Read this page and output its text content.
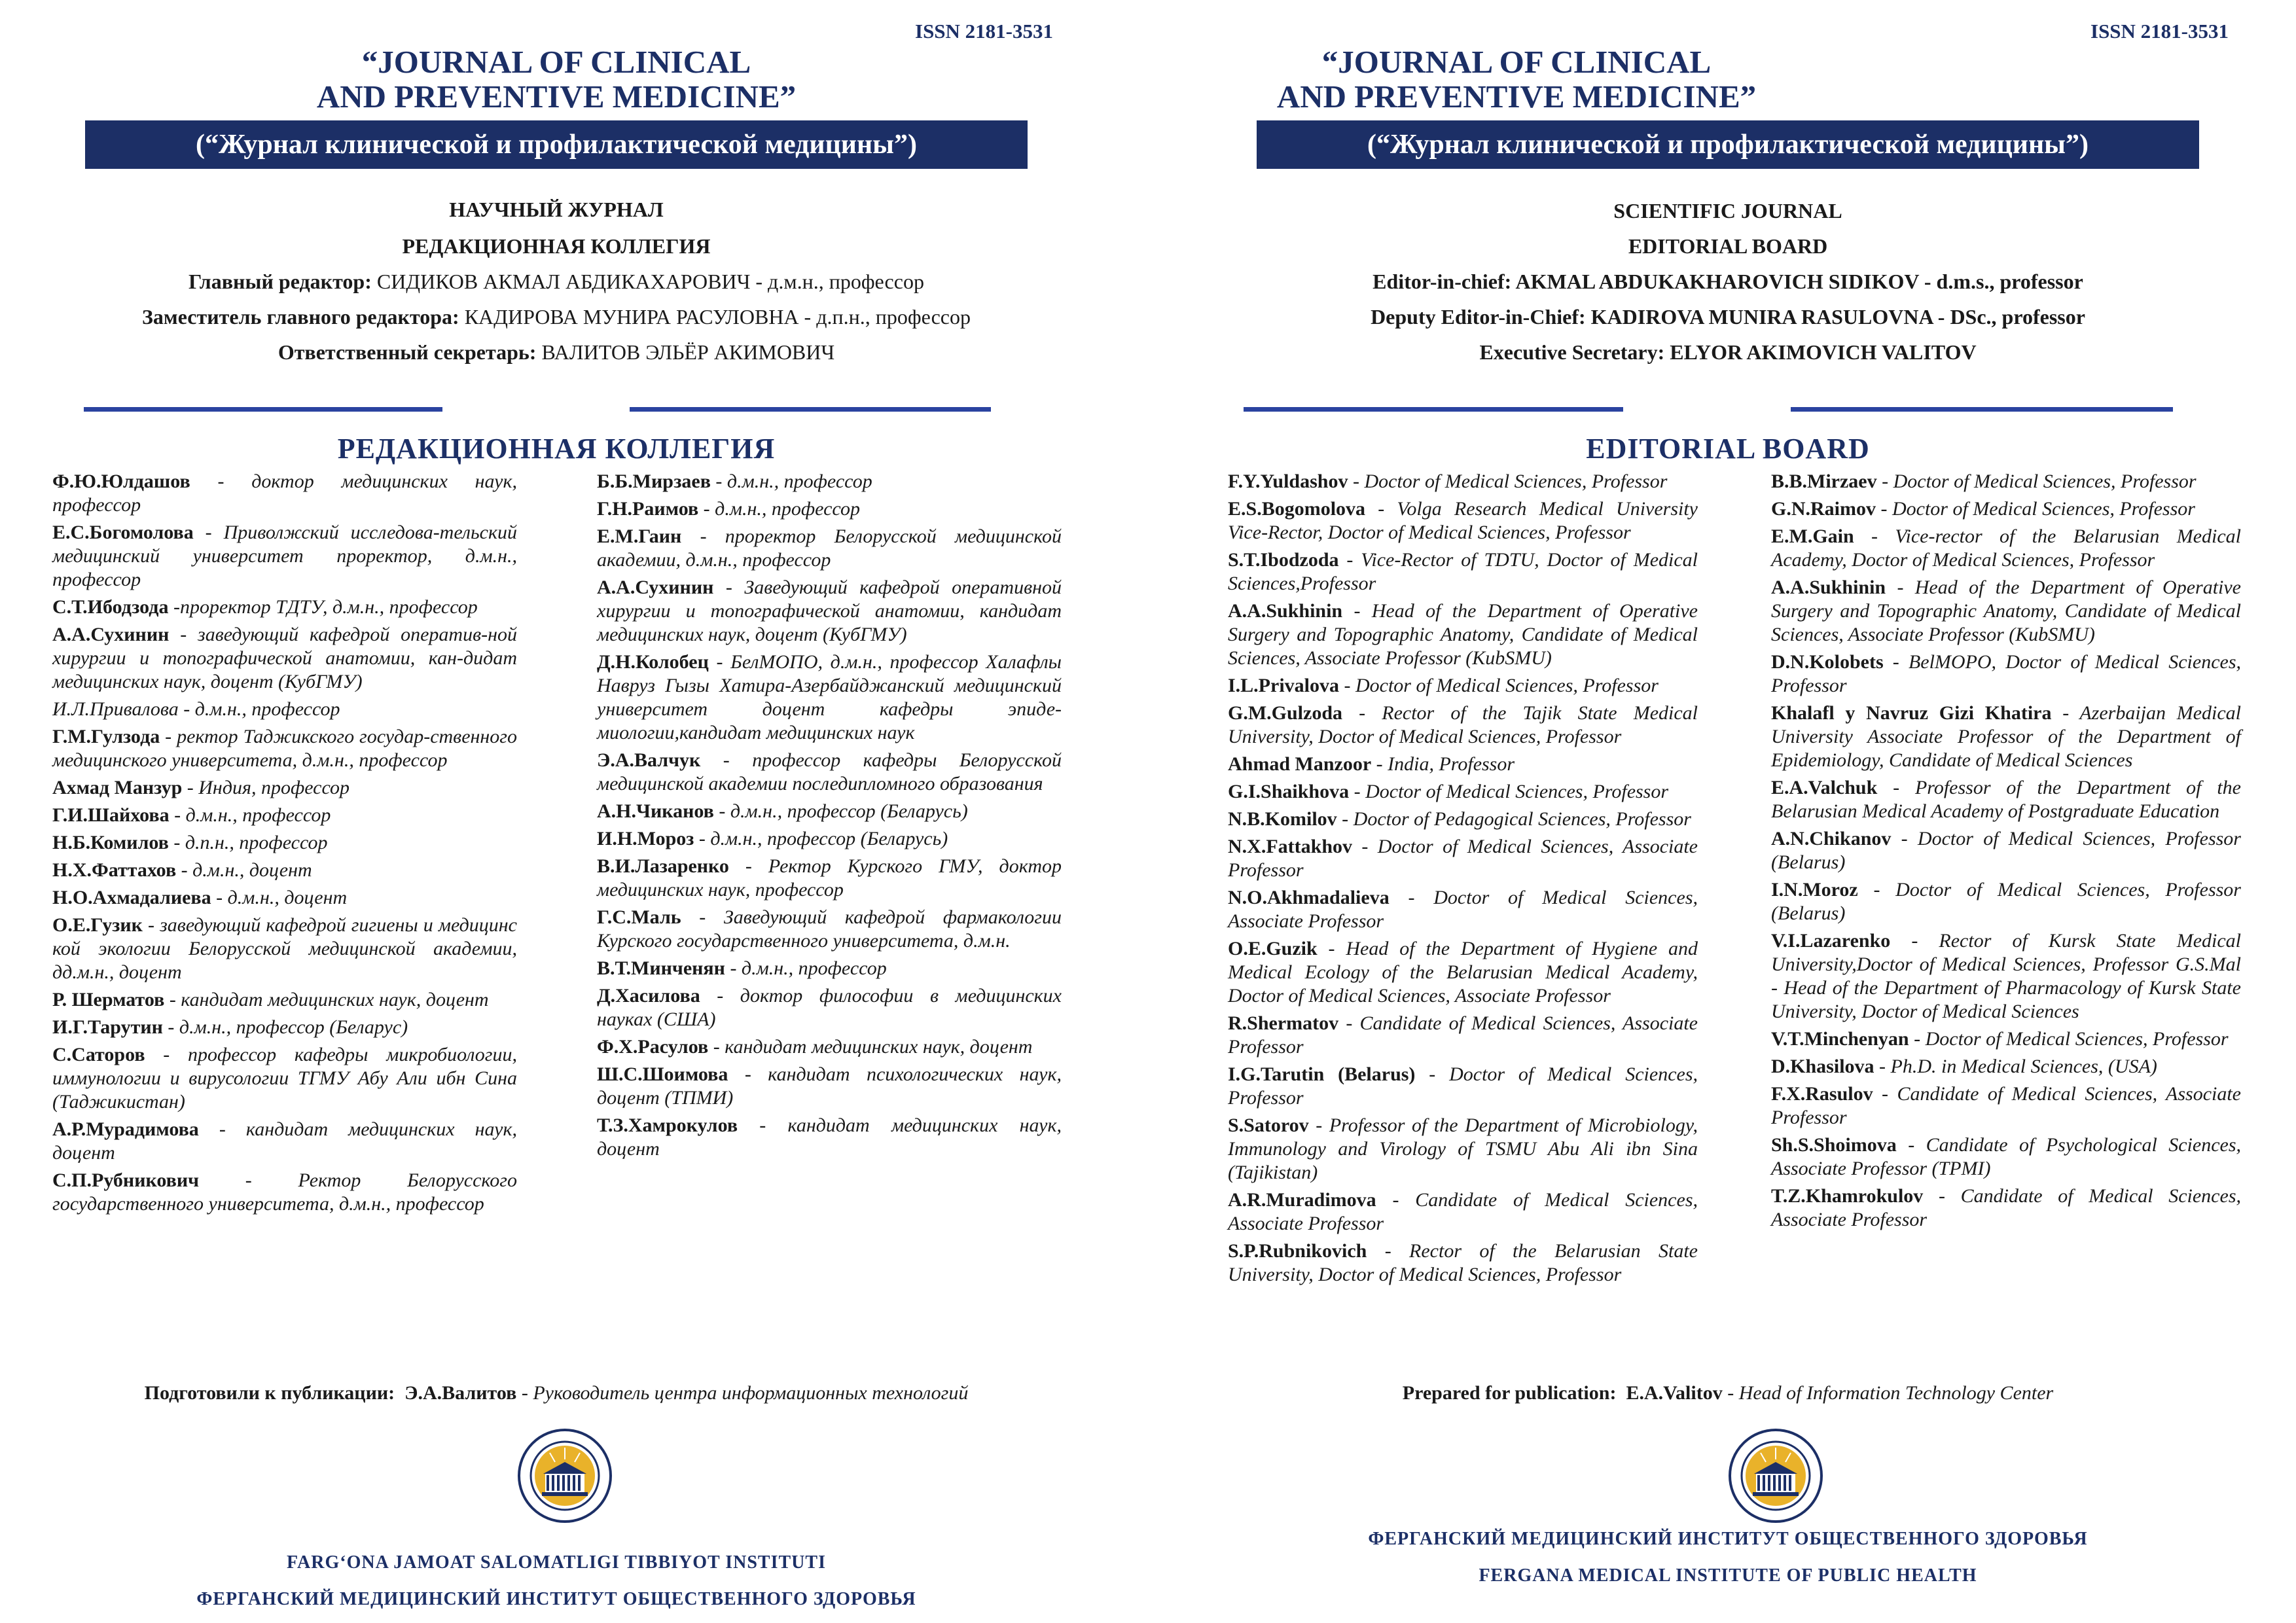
ISSN 2181-3531
“JOURNAL OF CLINICAL
AND PREVENTIVE MEDICINE”
(“Журнал клинической и профилактической медицины”)
НАУЧНЫЙ ЖУРНАЛ
РЕДАКЦИОННАЯ КОЛЛЕГИЯ
Главный редактор: СИДИКОВ АКМАЛ АБДИКАХАРОВИЧ - д.м.н., профессор
Заместитель главного редактора: КАДИРОВА МУНИРА РАСУЛОВНА - д.п.н., профессор
Ответственный секретарь: ВАЛИТОВ ЭЛЬЁР АКИМОВИЧ
РЕДАКЦИОННАЯ КОЛЛЕГИЯ

Ф.Ю.Юлдашов - доктор медицинских наук, профессор

Е.С.Богомолова - Приволжский исследова-тельский медицинский университет проректор, д.м.н., профессор

С.Т.Ибодзода -проректор ТДТУ, д.м.н., профессор

А.А.Сухинин - заведующий кафедрой оператив-ной хирургии и топографической анатомии, кан-дидат медицинских наук, доцент (КубГМУ)

И.Л.Привалова - д.м.н., профессор

Г.М.Гулзода - ректор Таджикского государ-ственного медицинского университета, д.м.н., профессор

Ахмад Манзур - Индия, профессор

Г.И.Шайхова - д.м.н., профессор

Н.Б.Комилов - д.п.н., профессор

Н.Х.Фаттахов - д.м.н., доцент

Н.О.Ахмадалиева - д.м.н., доцент

О.Е.Гузик - заведующий кафедрой гигиены и медицинс кой экологии Белорусской медицинской академии, дд.м.н., доцент

Р. Шерматов - кандидат медицинских наук, доцент

И.Г.Тарутин - д.м.н., профессор (Беларус)

С.Саторов - профессор кафедры микробиологии, иммунологии и вирусологии ТГМУ Абу Али ибн Сина (Таджикистан)

А.Р.Мурадимова - кандидат медицинских наук, доцент

С.П.Рубникович - Ректор Белорусского государственного университета, д.м.н., профессор

Б.Б.Мирзаев - д.м.н., профессор

Г.Н.Раимов - д.м.н., профессор

Е.М.Гаин - проректор Белорусской медицинской академии, д.м.н., профессор

А.А.Сухинин - Заведующий кафедрой оперативной хирургии и топографической анатомии, кандидат медицинских наук, доцент (КубГМУ)

Д.Н.Колобец - БелМОПО, д.м.н., профессор Халафлы Навруз Гызы Хатира-Азербайджанский медицинский университет доцент кафедры эпиде-миологии,кандидат медицинских наук

Э.А.Валчук - профессор кафедры Белорусской медицинской академии последипломного образования

А.Н.Чиканов - д.м.н., профессор (Беларусь)

И.Н.Мороз - д.м.н., профессор (Беларусь)

В.И.Лазаренко - Ректор Курского ГМУ, доктор медицинских наук, профессор

Г.С.Маль - Заведующий кафедрой фармакологии Курского государственного университета, д.м.н.

В.Т.Минченян - д.м.н., профессор

Д.Хасилова - доктор философии в медицинских науках (США)

Ф.Х.Расулов - кандидат медицинских наук, доцент

Ш.С.Шоимова - кандидат психологических наук, доцент (ТПМИ)

Т.З.Хамрокулов - кандидат медицинских наук, доцент

Подготовили к публикации: Э.А.Валитов - Руководитель центра информационных технологий
FARG‘ONA JAMOAT SALOMATLIGI TIBBIYOT INSTITUTI
ФЕРГАНСКИЙ МЕДИЦИНСКИЙ ИНСТИТУТ ОБЩЕСТВЕННОГО ЗДОРОВЬЯ
ISSN 2181-3531
“JOURNAL OF CLINICAL
AND PREVENTIVE MEDICINE”
(“Журнал клинической и профилактической медицины”)
SCIENTIFIC JOURNAL
EDITORIAL BOARD
Editor-in-chief: AKMAL ABDUKAKHAROVICH SIDIKOV - d.m.s., professor
Deputy Editor-in-Chief: KADIROVA MUNIRA RASULOVNA - DSc., professor
Executive Secretary: ELYOR AKIMOVICH VALITOV
EDITORIAL BOARD

F.Y.Yuldashov - Doctor of Medical Sciences, Professor

E.S.Bogomolova - Volga Research Medical University Vice-Rector, Doctor of Medical Sciences, Professor

S.T.Ibodzoda - Vice-Rector of TDTU, Doctor of Medical Sciences,Professor

A.A.Sukhinin - Head of the Department of Operative Surgery and Topographic Anatomy, Candidate of Medical Sciences, Associate Professor (KubSMU)

I.L.Privalova - Doctor of Medical Sciences, Professor

G.M.Gulzoda - Rector of the Tajik State Medical University, Doctor of Medical Sciences, Professor

Ahmad Manzoor - India, Professor

G.I.Shaikhova - Doctor of Medical Sciences, Professor

N.B.Komilov - Doctor of Pedagogical Sciences, Professor

N.X.Fattakhov - Doctor of Medical Sciences, Associate Professor

N.O.Akhmadalieva - Doctor of Medical Sciences, Associate Professor

O.E.Guzik - Head of the Department of Hygiene and Medical Ecology of the Belarusian Medical Academy, Doctor of Medical Sciences, Associate Professor

R.Shermatov - Candidate of Medical Sciences, Associate Professor

I.G.Tarutin (Belarus) - Doctor of Medical Sciences, Professor

S.Satorov - Professor of the Department of Microbiology, Immunology and Virology of TSMU Abu Ali ibn Sina (Tajikistan)

A.R.Muradimova - Candidate of Medical Sciences, Associate Professor

S.P.Rubnikovich - Rector of the Belarusian State University, Doctor of Medical Sciences, Professor

B.B.Mirzaev - Doctor of Medical Sciences, Professor

G.N.Raimov - Doctor of Medical Sciences, Professor

E.M.Gain - Vice-rector of the Belarusian Medical Academy, Doctor of Medical Sciences, Professor

A.A.Sukhinin - Head of the Department of Operative Surgery and Topographic Anatomy, Candidate of Medical Sciences, Associate Professor (KubSMU)

D.N.Kolobets - BelMOPO, Doctor of Medical Sciences, Professor

Khalafl y Navruz Gizi Khatira - Azerbaijan Medical University Associate Professor of the Department of Epidemiology, Candidate of Medical Sciences

E.A.Valchuk - Professor of the Department of the Belarusian Medical Academy of Postgraduate Education

A.N.Chikanov - Doctor of Medical Sciences, Professor (Belarus)

I.N.Moroz - Doctor of Medical Sciences, Professor (Belarus)

V.I.Lazarenko - Rector of Kursk State Medical University,Doctor of Medical Sciences, Professor G.S.Mal - Head of the Department of Pharmacology of Kursk State University, Doctor of Medical Sciences

V.T.Minchenyan - Doctor of Medical Sciences, Professor

D.Khasilova - Ph.D. in Medical Sciences, (USA)

F.X.Rasulov - Candidate of Medical Sciences, Associate Professor

Sh.S.Shoimova - Candidate of Psychological Sciences, Associate Professor (TPMI)

T.Z.Khamrokulov - Candidate of Medical Sciences, Associate Professor

Prepared for publication: E.A.Valitov - Head of Information Technology Center
ФЕРГАНСКИЙ МЕДИЦИНСКИЙ ИНСТИТУТ ОБЩЕСТВЕННОГО ЗДОРОВЬЯ
FERGANA MEDICAL INSTITUTE OF PUBLIC HEALTH
